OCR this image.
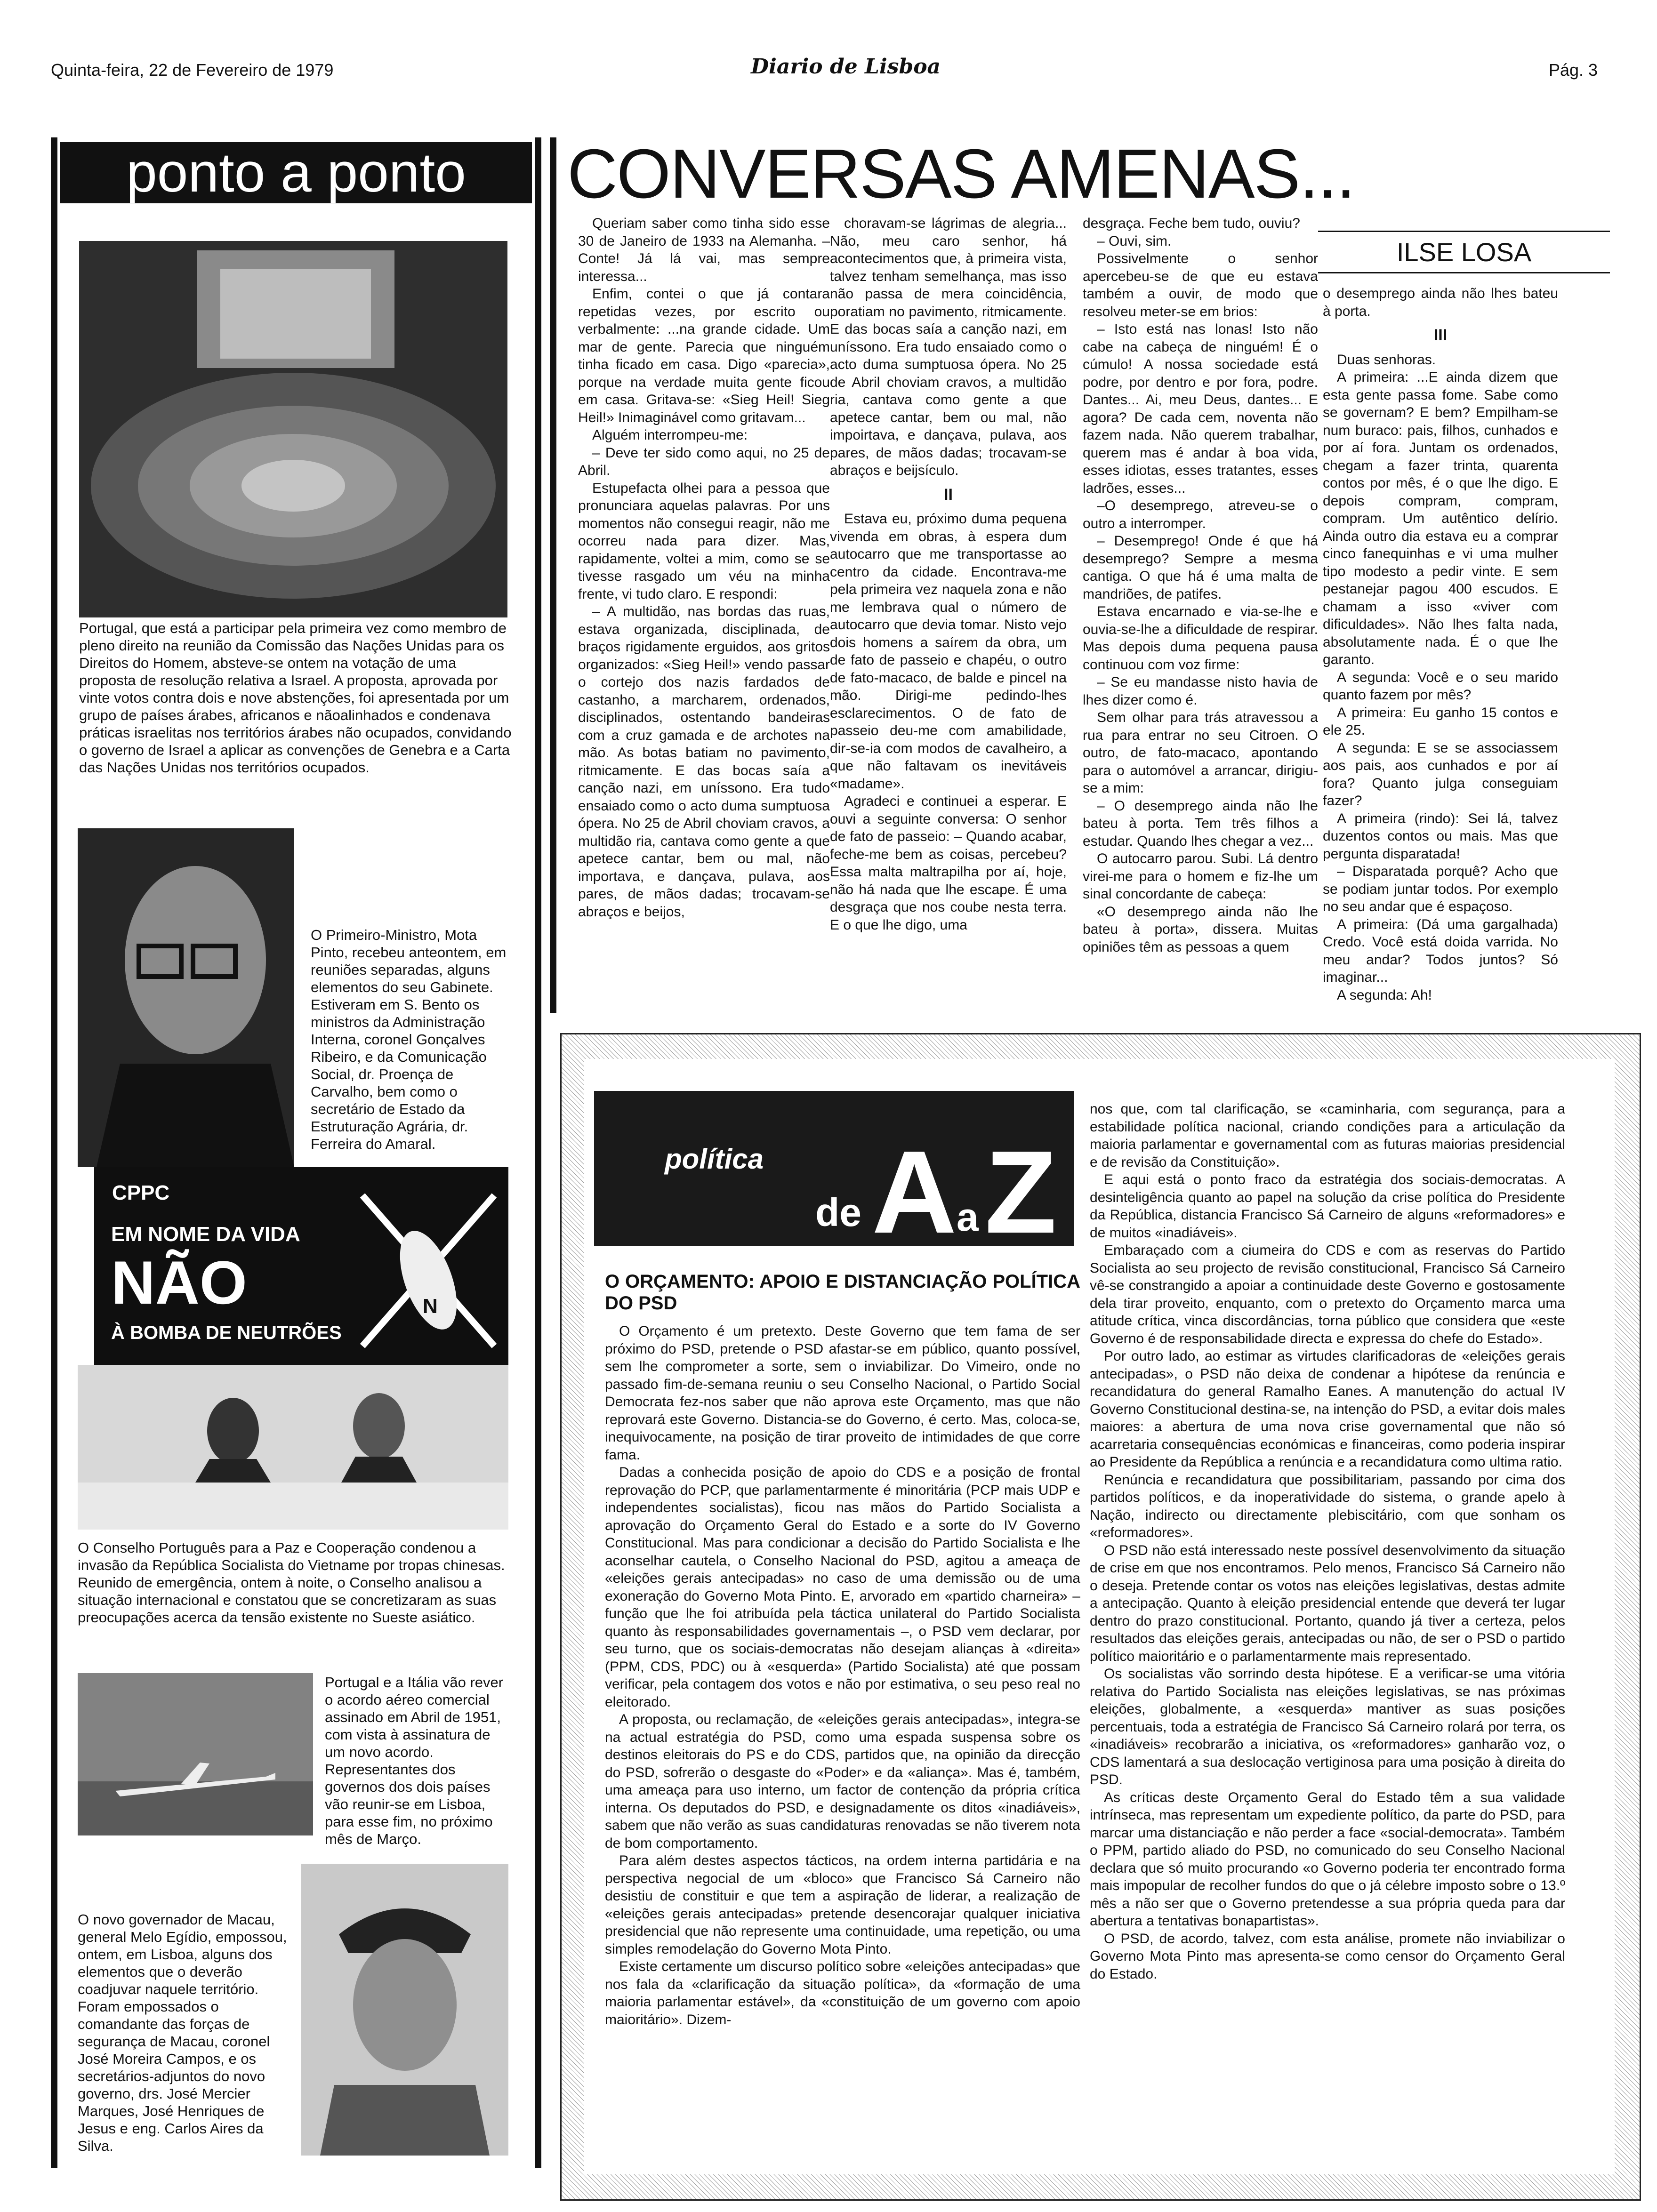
Quinta-feira, 22 de Fevereiro de 1979	Diario de Lisboa	Pág. 3
ponto a ponto
Portugal, que está a participar pela primeira vez como membro de pleno direito na reunião da Comissão das Nações Unidas para os Direitos do Homem, absteve-se ontem na votação de uma proposta de resolução relativa a Israel. A proposta, aprovada por vinte votos contra dois e nove abstenções, foi apresentada por um grupo de países árabes, africanos e nãoalinhados e condenava práticas israelitas nos territórios árabes não ocupados, convidando o governo de Israel a aplicar as convenções de Genebra e a Carta das Nações Unidas nos territórios ocupados.
O Primeiro-Ministro, Mota Pinto, recebeu anteontem, em reuniões separadas, alguns elementos do seu Gabinete. Estiveram em S. Bento os ministros da Administração Interna, coronel Gonçalves Ribeiro, e da Comunicação Social, dr. Proença de Carvalho, bem como o secretário de Estado da Estruturação Agrária, dr. Ferreira do Amaral.
CPPC
EM NOME DA VIDA
NÃO
À BOMBA DE NEUTRÕES
N
O Conselho Português para a Paz e Cooperação condenou a invasão da República Socialista do Vietname por tropas chinesas. Reunido de emergência, ontem à noite, o Conselho analisou a situação internacional e constatou que se concretizaram as suas preocupações acerca da tensão existente no Sueste asiático.
Portugal e a Itália vão rever o acordo aéreo comercial assinado em Abril de 1951, com vista à assinatura de um novo acordo. Representantes dos governos dos dois países vão reunir-se em Lisboa, para esse fim, no próximo mês de Março.
O novo governador de Macau, general Melo Egídio, empossou, ontem, em Lisboa, alguns dos elementos que o deverão coadjuvar naquele território. Foram empossados o comandante das forças de segurança de Macau, coronel José Moreira Campos, e os secretários-adjuntos do novo governo, drs. José Mercier Marques, José Henriques de Jesus e eng. Carlos Aires da Silva.
CONVERSAS AMENAS...
ILSE LOSA

Queriam saber como tinha sido esse 30 de Janeiro de 1933 na Alemanha. – Conte! Já lá vai, mas sempre interessa...

Enfim, contei o que já contara repetidas vezes, por escrito ou verbalmente: ...na grande cidade. Um mar de gente. Parecia que ninguém tinha ficado em casa. Digo «parecia», porque na verdade muita gente ficou em casa. Gritava-se: «Sieg Heil! Sieg Heil!» Inimaginável como gritavam...

Alguém interrompeu-me:

– Deve ter sido como aqui, no 25 de Abril.

Estupefacta olhei para a pessoa que pronunciara aquelas palavras. Por uns momentos não consegui reagir, não me ocorreu nada para dizer. Mas, rapidamente, voltei a mim, como se se tivesse rasgado um véu na minha frente, vi tudo claro. E respondi:

– A multidão, nas bordas das ruas, estava organizada, disciplinada, de braços rigidamente erguidos, aos gritos organizados: «Sieg Heil!» vendo passar o cortejo dos nazis fardados de castanho, a marcharem, ordenados, disciplinados, ostentando bandeiras com a cruz gamada e de archotes na mão. As botas batiam no pavimento, ritmicamente. E das bocas saía a canção nazi, em uníssono. Era tudo ensaiado como o acto duma sumptuosa ópera. No 25 de Abril choviam cravos, a multidão ria, cantava como gente a que apetece cantar, bem ou mal, não importava, e dançava, pulava, aos pares, de mãos dadas; trocavam-se abraços e beijos,

choravam-se lágrimas de alegria... Não, meu caro senhor, há acontecimentos que, à primeira vista, talvez tenham semelhança, mas isso não passa de mera coincidência, poratiam no pavimento, ritmicamente. E das bocas saía a canção nazi, em uníssono. Era tudo ensaiado como o acto duma sumptuosa ópera. No 25 de Abril choviam cravos, a multidão ria, cantava como gente a que apetece cantar, bem ou mal, não impoirtava, e dançava, pulava, aos pares, de mãos dadas; trocavam-se abraços e beijsículo.

II

Estava eu, próximo duma pequena vivenda em obras, à espera dum autocarro que me transportasse ao centro da cidade. Encontrava-me pela primeira vez naquela zona e não me lembrava qual o número de autocarro que devia tomar. Nisto vejo dois homens a saírem da obra, um de fato de passeio e chapéu, o outro de fato-macaco, de balde e pincel na mão. Dirigi-me pedindo-lhes esclarecimentos. O de fato de passeio deu-me com amabilidade, dir-se-ia com modos de cavalheiro, a que não faltavam os inevitáveis «madame».

Agradeci e continuei a esperar. E ouvi a seguinte conversa: O senhor de fato de passeio: – Quando acabar, feche-me bem as coisas, percebeu? Essa malta maltrapilha por aí, hoje, não há nada que lhe escape. É uma desgraça que nos coube nesta terra. E o que lhe digo, uma

desgraça. Feche bem tudo, ouviu?

– Ouvi, sim.

Possivelmente o senhor apercebeu-se de que eu estava também a ouvir, de modo que resolveu meter-se em brios:

– Isto está nas lonas! Isto não cabe na cabeça de ninguém! É o cúmulo! A nossa sociedade está podre, por dentro e por fora, podre. Dantes... Ai, meu Deus, dantes... E agora? De cada cem, noventa não fazem nada. Não querem trabalhar, querem mas é andar à boa vida, esses idiotas, esses tratantes, esses ladrões, esses...

–O desemprego, atreveu-se o outro a interromper.

– Desemprego! Onde é que há desemprego? Sempre a mesma cantiga. O que há é uma malta de mandriões, de patifes.

Estava encarnado e via-se-lhe e ouvia-se-lhe a dificuldade de respirar. Mas depois duma pequena pausa continuou com voz firme:

– Se eu mandasse nisto havia de lhes dizer como é.

Sem olhar para trás atravessou a rua para entrar no seu Citroen. O outro, de fato-macaco, apontando para o automóvel a arrancar, dirigiu-se a mim:

– O desemprego ainda não lhe bateu à porta. Tem três filhos a estudar. Quando lhes chegar a vez...

O autocarro parou. Subi. Lá dentro virei-me para o homem e fiz-lhe um sinal concordante de cabeça:

«O desemprego ainda não lhe bateu à porta», dissera. Muitas opiniões têm as pessoas a quem

o desemprego ainda não lhes bateu à porta.

III

Duas senhoras.

A primeira: ...E ainda dizem que esta gente passa fome. Sabe como se governam? E bem? Empilham-se num buraco: pais, filhos, cunhados e por aí fora. Juntam os ordenados, chegam a fazer trinta, quarenta contos por mês, é o que lhe digo. E depois compram, compram, compram. Um autêntico delírio. Ainda outro dia estava eu a comprar cinco fanequinhas e vi uma mulher tipo modesto a pedir vinte. E sem pestanejar pagou 400 escudos. E chamam a isso «viver com dificuldades». Não lhes falta nada, absolutamente nada. É o que lhe garanto.

A segunda: Você e o seu marido quanto fazem por mês?

A primeira: Eu ganho 15 contos e ele 25.

A segunda: E se se associassem aos pais, aos cunhados e por aí fora? Quanto julga conseguiam fazer?

A primeira (rindo): Sei lá, talvez duzentos contos ou mais. Mas que pergunta disparatada!

– Disparatada porquê? Acho que se podiam juntar todos. Por exemplo no seu andar que é espaçoso.

A primeira: (Dá uma gargalhada) Credo. Você está doida varrida. No meu andar? Todos juntos? Só imaginar...

A segunda: Ah!

política
de A a Z

O ORÇAMENTO: APOIO E DISTANCIAÇÃO POLÍTICA DO PSD

O Orçamento é um pretexto. Deste Governo que tem fama de ser próximo do PSD, pretende o PSD afastar-se em público, quanto possível, sem lhe comprometer a sorte, sem o inviabilizar. Do Vimeiro, onde no passado fim-de-semana reuniu o seu Conselho Nacional, o Partido Social Democrata fez-nos saber que não aprova este Orçamento, mas que não reprovará este Governo. Distancia-se do Governo, é certo. Mas, coloca-se, inequivocamente, na posição de tirar proveito de intimidades de que corre fama.

Dadas a conhecida posição de apoio do CDS e a posição de frontal reprovação do PCP, que parlamentarmente é minoritária (PCP mais UDP e independentes socialistas), ficou nas mãos do Partido Socialista a aprovação do Orçamento Geral do Estado e a sorte do IV Governo Constitucional. Mas para condicionar a decisão do Partido Socialista e lhe aconselhar cautela, o Conselho Nacional do PSD, agitou a ameaça de «eleições gerais antecipadas» no caso de uma demissão ou de uma exoneração do Governo Mota Pinto. E, arvorado em «partido charneira» – função que lhe foi atribuída pela táctica unilateral do Partido Socialista quanto às responsabilidades governamentais –, o PSD vem declarar, por seu turno, que os sociais-democratas não desejam alianças à «direita» (PPM, CDS, PDC) ou à «esquerda» (Partido Socialista) até que possam verificar, pela contagem dos votos e não por estimativa, o seu peso real no eleitorado.

A proposta, ou reclamação, de «eleições gerais antecipadas», integra-se na actual estratégia do PSD, como uma espada suspensa sobre os destinos eleitorais do PS e do CDS, partidos que, na opinião da direcção do PSD, sofrerão o desgaste do «Poder» e da «aliança». Mas é, também, uma ameaça para uso interno, um factor de contenção da própria crítica interna. Os deputados do PSD, e designadamente os ditos «inadiáveis», sabem que não verão as suas candidaturas renovadas se não tiverem nota de bom comportamento.

Para além destes aspectos tácticos, na ordem interna partidária e na perspectiva negocial de um «bloco» que Francisco Sá Carneiro não desistiu de constituir e que tem a aspiração de liderar, a realização de «eleições gerais antecipadas» pretende desencorajar qualquer iniciativa presidencial que não represente uma continuidade, uma repetição, ou uma simples remodelação do Governo Mota Pinto.

Existe certamente um discurso político sobre «eleições antecipadas» que nos fala da «clarificação da situação política», da «formação de uma maioria parlamentar estável», da «constituição de um governo com apoio maioritário». Dizem-

nos que, com tal clarificação, se «caminharia, com segurança, para a estabilidade política nacional, criando condições para a articulação da maioria parlamentar e governamental com as futuras maiorias presidencial e de revisão da Constituição».

E aqui está o ponto fraco da estratégia dos sociais-democratas. A desinteligência quanto ao papel na solução da crise política do Presidente da República, distancia Francisco Sá Carneiro de alguns «reformadores» e de muitos «inadiáveis».

Embaraçado com a ciumeira do CDS e com as reservas do Partido Socialista ao seu projecto de revisão constitucional, Francisco Sá Carneiro vê-se constrangido a apoiar a continuidade deste Governo e gostosamente dela tirar proveito, enquanto, com o pretexto do Orçamento marca uma atitude crítica, vinca discordâncias, torna público que considera que «este Governo é de responsabilidade directa e expressa do chefe do Estado».

Por outro lado, ao estimar as virtudes clarificadoras de «eleições gerais antecipadas», o PSD não deixa de condenar a hipótese da renúncia e recandidatura do general Ramalho Eanes. A manutenção do actual IV Governo Constitucional destina-se, na intenção do PSD, a evitar dois males maiores: a abertura de uma nova crise governamental que não só acarretaria consequências económicas e financeiras, como poderia inspirar ao Presidente da República a renúncia e a recandidatura como ultima ratio.

Renúncia e recandidatura que possibilitariam, passando por cima dos partidos políticos, e da inoperatividade do sistema, o grande apelo à Nação, indirecto ou directamente plebiscitário, com que sonham os «reformadores».

O PSD não está interessado neste possível desenvolvimento da situação de crise em que nos encontramos. Pelo menos, Francisco Sá Carneiro não o deseja. Pretende contar os votos nas eleições legislativas, destas admite a antecipação. Quanto à eleição presidencial entende que deverá ter lugar dentro do prazo constitucional. Portanto, quando já tiver a certeza, pelos resultados das eleições gerais, antecipadas ou não, de ser o PSD o partido político maioritário e o parlamentarmente mais representado.

Os socialistas vão sorrindo desta hipótese. E a verificar-se uma vitória relativa do Partido Socialista nas eleições legislativas, se nas próximas eleições, globalmente, a «esquerda» mantiver as suas posições percentuais, toda a estratégia de Francisco Sá Carneiro rolará por terra, os «inadiáveis» recobrarão a iniciativa, os «reformadores» ganharão voz, o CDS lamentará a sua deslocação vertiginosa para uma posição à direita do PSD.

As críticas deste Orçamento Geral do Estado têm a sua validade intrínseca, mas representam um expediente político, da parte do PSD, para marcar uma distanciação e não perder a face «social-democrata». Também o PPM, partido aliado do PSD, no comunicado do seu Conselho Nacional declara que só muito procurando «o Governo poderia ter encontrado forma mais impopular de recolher fundos do que o já célebre imposto sobre o 13.º mês a não ser que o Governo pretendesse a sua própria queda para dar abertura a tentativas bonapartistas».

O PSD, de acordo, talvez, com esta análise, promete não inviabilizar o Governo Mota Pinto mas apresenta-se como censor do Orçamento Geral do Estado.
